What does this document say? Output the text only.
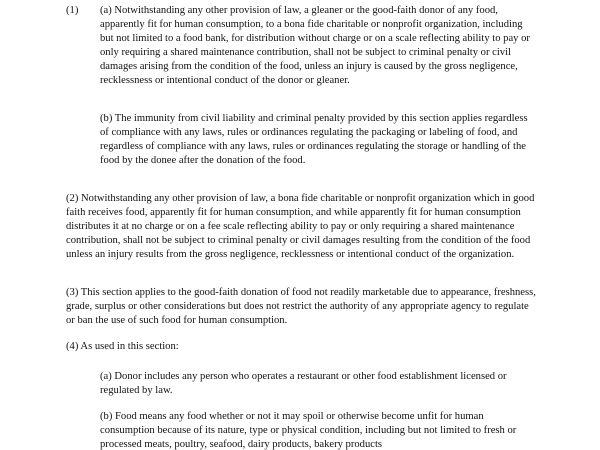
(1) (a) Notwithstanding any other provision of law, a gleaner or the good-faith donor of any food, apparently fit for human consumption, to a bona fide charitable or nonprofit organization, including but not limited to a food bank, for distribution without charge or on a scale reflecting ability to pay or only requiring a shared maintenance contribution, shall not be subject to criminal penalty or civil damages arising from the condition of the food, unless an injury is caused by the gross negligence, recklessness or intentional conduct of the donor or gleaner.

(b) The immunity from civil liability and criminal penalty provided by this section applies regardless of compliance with any laws, rules or ordinances regulating the packaging or labeling of food, and regardless of compliance with any laws, rules or ordinances regulating the storage or handling of the food by the donee after the donation of the food.

(2) Notwithstanding any other provision of law, a bona fide charitable or nonprofit organization which in good faith receives food, apparently fit for human consumption, and while apparently fit for human consumption distributes it at no charge or on a fee scale reflecting ability to pay or only requiring a shared maintenance contribution, shall not be subject to criminal penalty or civil damages resulting from the condition of the food unless an injury results from the gross negligence, recklessness or intentional conduct of the organization.

(3) This section applies to the good-faith donation of food not readily marketable due to appearance, freshness, grade, surplus or other considerations but does not restrict the authority of any appropriate agency to regulate or ban the use of such food for human consumption.

(4) As used in this section:

(a) Donor includes any person who operates a restaurant or other food establishment licensed or regulated by law.

(b) Food means any food whether or not it may spoil or otherwise become unfit for human consumption because of its nature, type or physical condition, including but not limited to fresh or processed meats, poultry, seafood, dairy products, bakery products
